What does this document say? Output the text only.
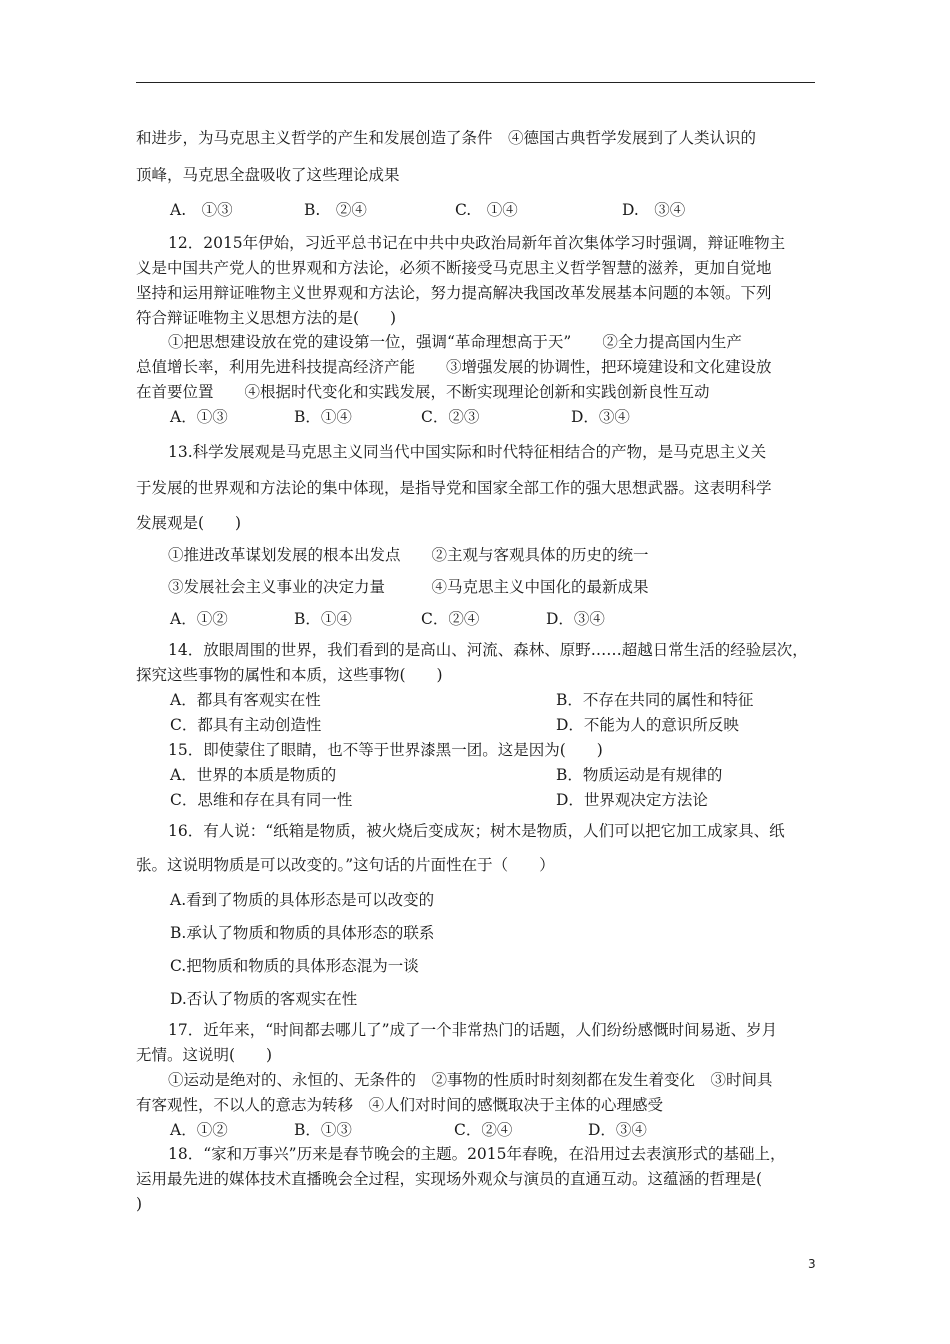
和进步，为马克思主义哲学的产生和发展创造了条件　④德国古典哲学发展到了人类认识的
顶峰，马克思全盘吸收了这些理论成果
A.　①③	B.　②④	C.　①④	D.　③④
12．2015年伊始，习近平总书记在中共中央政治局新年首次集体学习时强调，辩证唯物主
义是中国共产党人的世界观和方法论，必须不断接受马克思主义哲学智慧的滋养，更加自觉地
坚持和运用辩证唯物主义世界观和方法论，努力提高解决我国改革发展基本问题的本领。下列
符合辩证唯物主义思想方法的是(　　)
①把思想建设放在党的建设第一位，强调“革命理想高于天”　　②全力提高国内生产
总值增长率，利用先进科技提高经济产能　　③增强发展的协调性，把环境建设和文化建设放
在首要位置　　④根据时代变化和实践发展，不断实现理论创新和实践创新良性互动
A．①③	B．①④	C．②③	D．③④
13.科学发展观是马克思主义同当代中国实际和时代特征相结合的产物，是马克思主义关
于发展的世界观和方法论的集中体现，是指导党和国家全部工作的强大思想武器。这表明科学
发展观是(　　)
①推进改革谋划发展的根本出发点　　②主观与客观具体的历史的统一
③发展社会主义事业的决定力量　　　④马克思主义中国化的最新成果
A．①②	B．①④	C．②④	D．③④
14．放眼周围的世界，我们看到的是高山、河流、森林、原野……超越日常生活的经验层次，
探究这些事物的属性和本质，这些事物(　　)
A．都具有客观实在性	B．不存在共同的属性和特征
C．都具有主动创造性	D．不能为人的意识所反映
15．即使蒙住了眼睛，也不等于世界漆黑一团。这是因为(　　)
A．世界的本质是物质的	B．物质运动是有规律的
C．思维和存在具有同一性	D．世界观决定方法论
16．有人说：“纸箱是物质，被火烧后变成灰；树木是物质，人们可以把它加工成家具、纸
张。这说明物质是可以改变的。”这句话的片面性在于（　　）
A.看到了物质的具体形态是可以改变的
B.承认了物质和物质的具体形态的联系
C.把物质和物质的具体形态混为一谈
D.否认了物质的客观实在性
17．近年来，“时间都去哪儿了”成了一个非常热门的话题，人们纷纷感慨时间易逝、岁月
无情。这说明(　　)
①运动是绝对的、永恒的、无条件的　②事物的性质时时刻刻都在发生着变化　③时间具
有客观性，不以人的意志为转移　④人们对时间的感慨取决于主体的心理感受
A．①②	B．①③	C．②④	D．③④
18．“家和万事兴”历来是春节晚会的主题。2015年春晚，在沿用过去表演形式的基础上，
运用最先进的媒体技术直播晚会全过程，实现场外观众与演员的直通互动。这蕴涵的哲理是(
)
3
